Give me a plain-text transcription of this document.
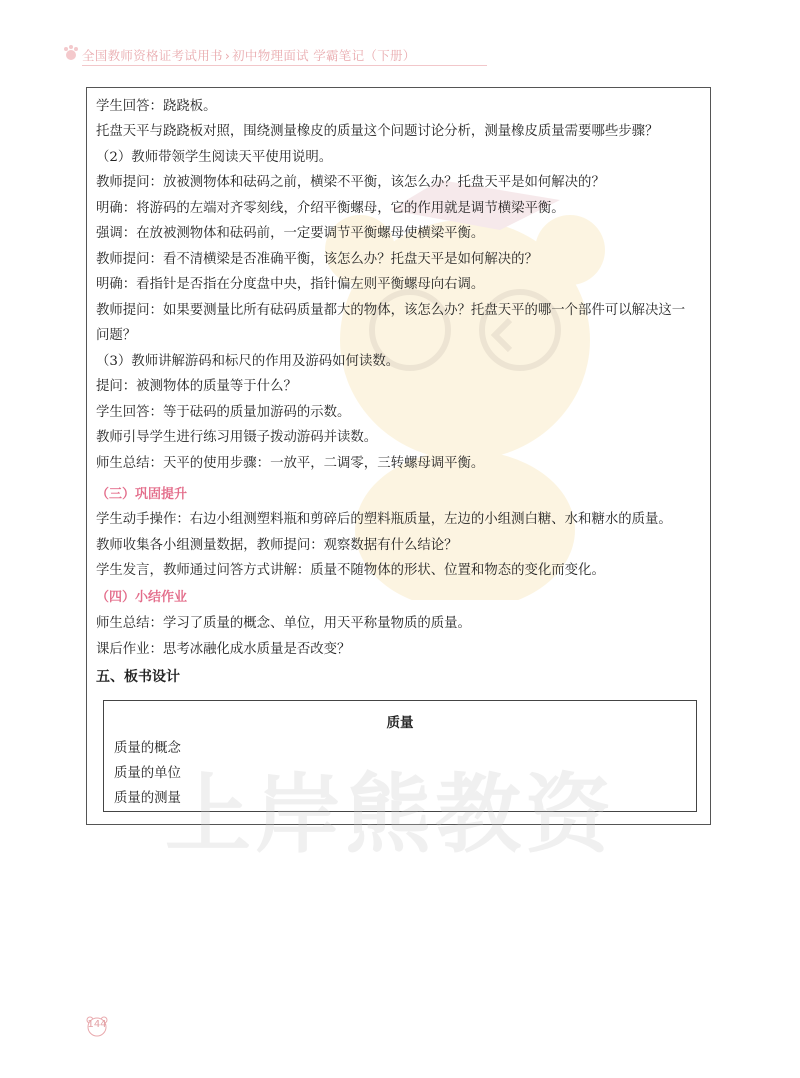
全国教师资格证考试用书 › 初中物理面试 学霸笔记（下册）
学生回答：跷跷板。
托盘天平与跷跷板对照，围绕测量橡皮的质量这个问题讨论分析，测量橡皮质量需要哪些步骤？
（2）教师带领学生阅读天平使用说明。
教师提问：放被测物体和砝码之前，横梁不平衡，该怎么办？托盘天平是如何解决的？
明确：将游码的左端对齐零刻线，介绍平衡螺母，它的作用就是调节横梁平衡。
强调：在放被测物体和砝码前，一定要调节平衡螺母使横梁平衡。
教师提问：看不清横梁是否准确平衡，该怎么办？托盘天平是如何解决的？
明确：看指针是否指在分度盘中央，指针偏左则平衡螺母向右调。
教师提问：如果要测量比所有砝码质量都大的物体，该怎么办？托盘天平的哪一个部件可以解决这一
问题？
（3）教师讲解游码和标尺的作用及游码如何读数。
提问：被测物体的质量等于什么？
学生回答：等于砝码的质量加游码的示数。
教师引导学生进行练习用镊子拨动游码并读数。
师生总结：天平的使用步骤：一放平，二调零，三转螺母调平衡。
（三）巩固提升
学生动手操作：右边小组测塑料瓶和剪碎后的塑料瓶质量，左边的小组测白糖、水和糖水的质量。
教师收集各小组测量数据，教师提问：观察数据有什么结论？
学生发言，教师通过问答方式讲解：质量不随物体的形状、位置和物态的变化而变化。
（四）小结作业
师生总结：学习了质量的概念、单位，用天平称量物质的质量。
课后作业：思考冰融化成水质量是否改变？
五、板书设计
质量
质量的概念
质量的单位
质量的测量
上岸熊教资
144
